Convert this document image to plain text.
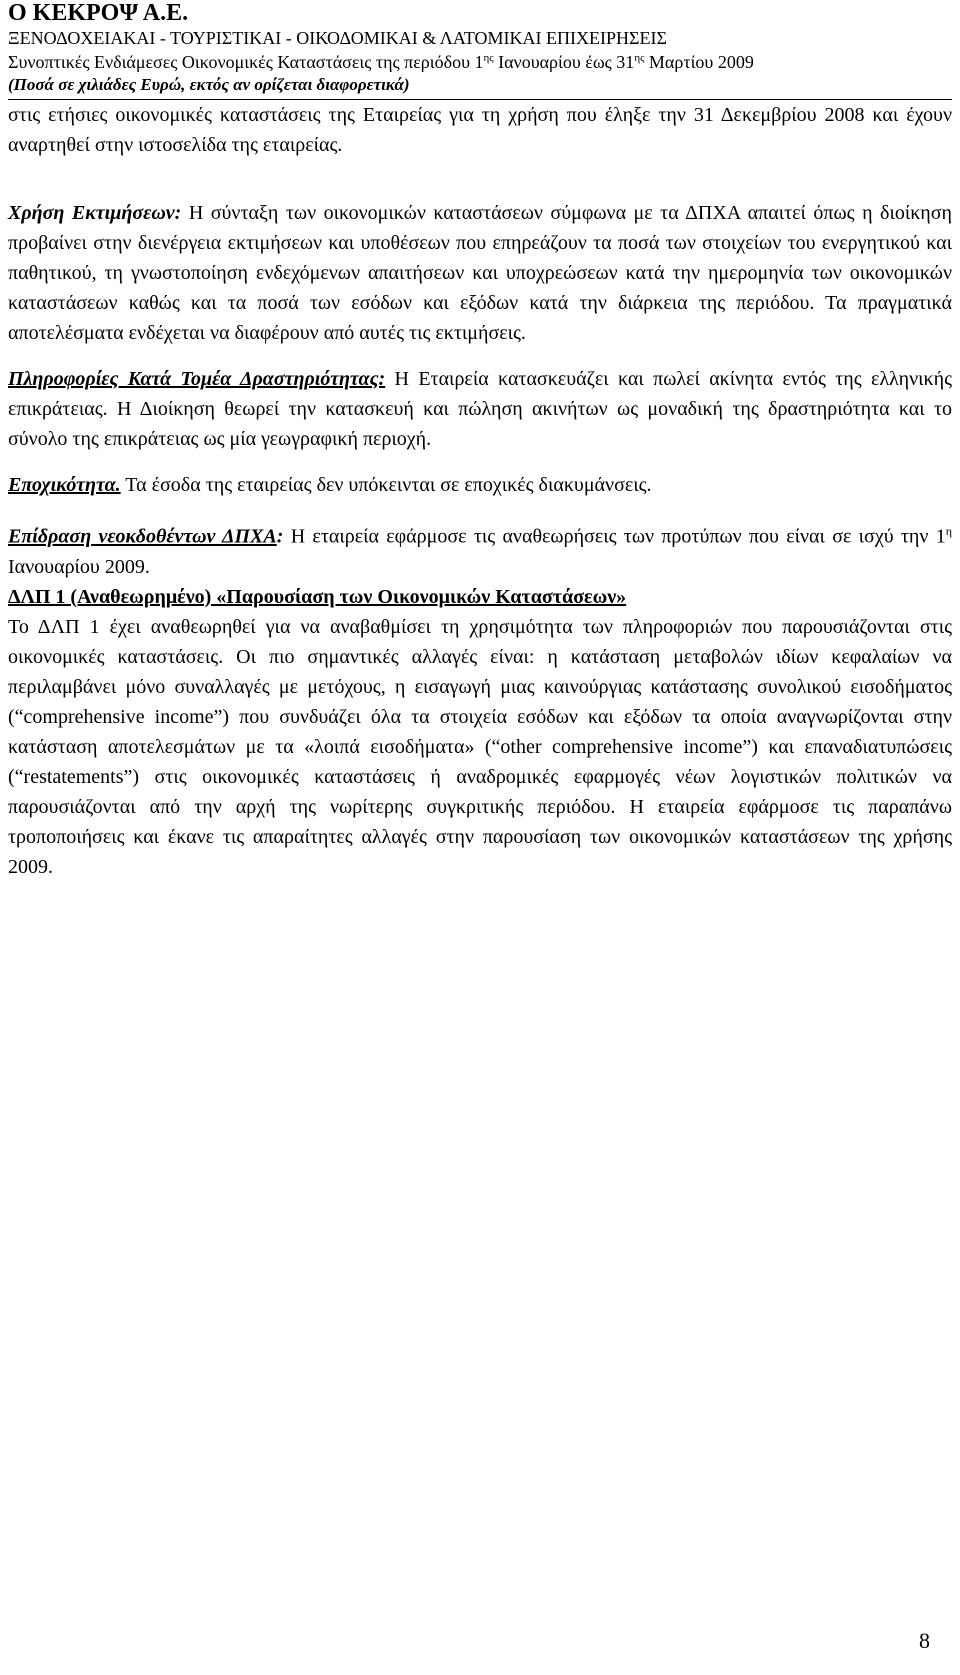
Ο ΚΕΚΡΟΨ Α.Ε.
ΞΕΝΟΔΟΧΕΙΑΚΑΙ - ΤΟΥΡΙΣΤΙΚΑΙ - ΟΙΚΟΔΟΜΙΚΑΙ & ΛΑΤΟΜΙΚΑΙ ΕΠΙΧΕΙΡΗΣΕΙΣ
Συνοπτικές Ενδιάμεσες Οικονομικές Καταστάσεις της περιόδου $1^{\eta\varsigma}$ Ιανουαρίου έως $31^{\eta\varsigma}$ Μαρτίου 2009
(Ποσά σε χιλιάδες Ευρώ, εκτός αν ορίζεται διαφορετικά)

στις ετήσιες οικονομικές καταστάσεις της Εταιρείας για τη χρήση που έληξε την 31 Δεκεμβρίου 2008 και έχουν αναρτηθεί στην ιστοσελίδα της εταιρείας.

Χρήση Εκτιμήσεων: Η σύνταξη των οικονομικών καταστάσεων σύμφωνα με τα ΔΠΧΑ απαιτεί όπως η διοίκηση προβαίνει στην διενέργεια εκτιμήσεων και υποθέσεων που επηρεάζουν τα ποσά των στοιχείων του ενεργητικού και παθητικού, τη γνωστοποίηση ενδεχόμενων απαιτήσεων και υποχρεώσεων κατά την ημερομηνία των οικονομικών καταστάσεων καθώς και τα ποσά των εσόδων και εξόδων κατά την διάρκεια της περιόδου. Τα πραγματικά αποτελέσματα ενδέχεται να διαφέρουν από αυτές τις εκτιμήσεις.

Πληροφορίες Κατά Τομέα Δραστηριότητας: Η Εταιρεία κατασκευάζει και πωλεί ακίνητα εντός της ελληνικής επικράτειας. Η Διοίκηση θεωρεί την κατασκευή και πώληση ακινήτων ως μοναδική της δραστηριότητα και το σύνολο της επικράτειας ως μία γεωγραφική περιοχή.

Εποχικότητα. Τα έσοδα της εταιρείας δεν υπόκεινται σε εποχικές διακυμάνσεις.

Επίδραση νεοκδοθέντων ΔΠΧΑ: Η εταιρεία εφάρμοσε τις αναθεωρήσεις των προτύπων που είναι σε ισχύ την $1^\eta$ Ιανουαρίου 2009.

ΔΛΠ 1 (Αναθεωρημένο) «Παρουσίαση των Οικονομικών Καταστάσεων»

Το ΔΛΠ 1 έχει αναθεωρηθεί για να αναβαθμίσει τη χρησιμότητα των πληροφοριών που παρουσιάζονται στις οικονομικές καταστάσεις. Οι πιο σημαντικές αλλαγές είναι: η κατάσταση μεταβολών ιδίων κεφαλαίων να περιλαμβάνει μόνο συναλλαγές με μετόχους, η εισαγωγή μιας καινούργιας κατάστασης συνολικού εισοδήματος (“comprehensive income”) που συνδυάζει όλα τα στοιχεία εσόδων και εξόδων τα οποία αναγνωρίζονται στην κατάσταση αποτελεσμάτων με τα «λοιπά εισοδήματα» (“other comprehensive income”) και επαναδιατυπώσεις (“restatements”) στις οικονομικές καταστάσεις ή αναδρομικές εφαρμογές νέων λογιστικών πολιτικών να παρουσιάζονται από την αρχή της νωρίτερης συγκριτικής περιόδου. Η εταιρεία εφάρμοσε τις παραπάνω τροποποιήσεις και έκανε τις απαραίτητες αλλαγές στην παρουσίαση των οικονομικών καταστάσεων της χρήσης 2009.

8
